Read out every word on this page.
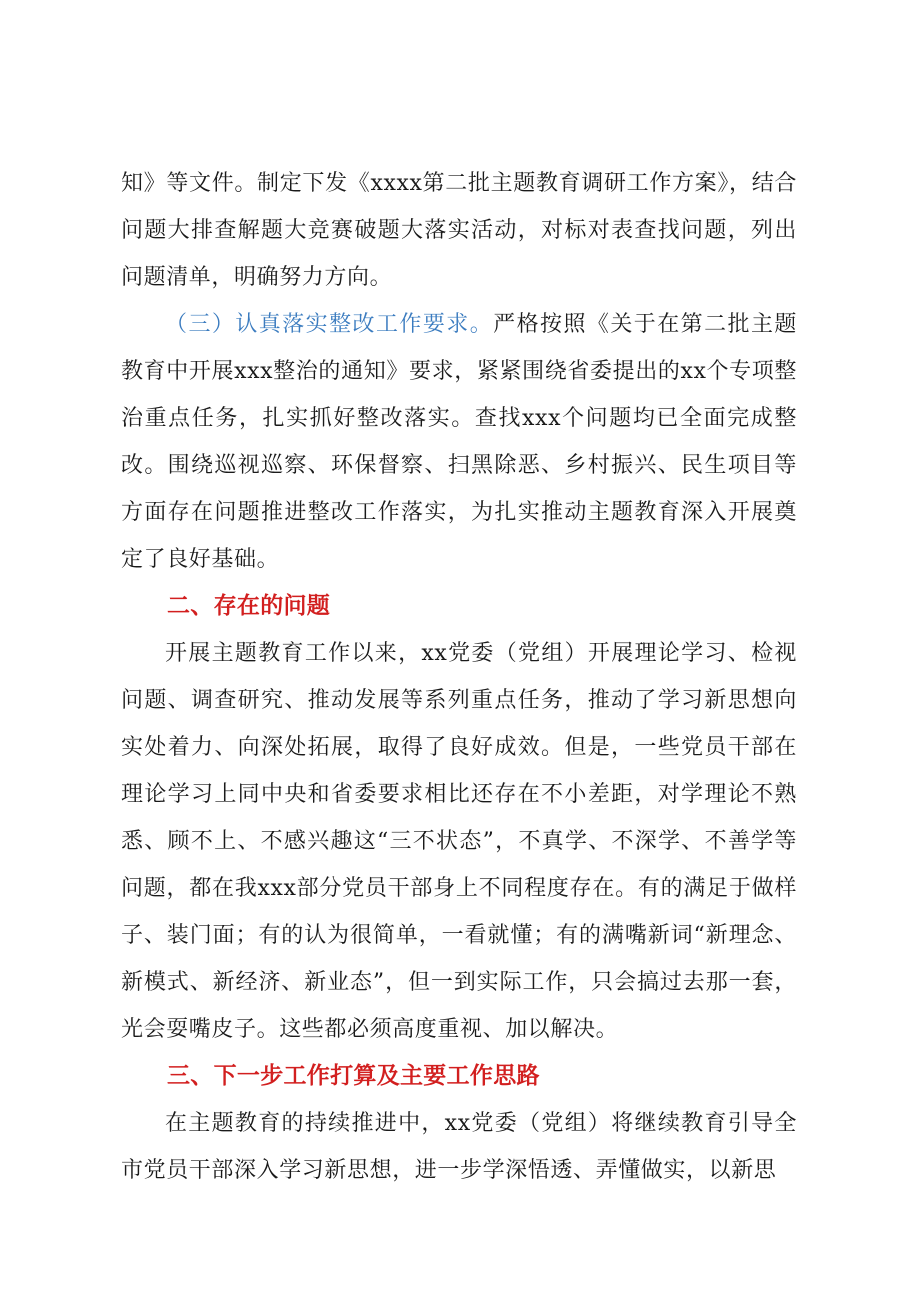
知》等文件。制定下发《xxxx第二批主题教育调研工作方案》，结合问题大排查解题大竞赛破题大落实活动，对标对表查找问题，列出问题清单，明确努力方向。

（三）认真落实整改工作要求。严格按照《关于在第二批主题教育中开展xxx整治的通知》要求，紧紧围绕省委提出的xx个专项整治重点任务，扎实抓好整改落实。查找xxx个问题均已全面完成整改。围绕巡视巡察、环保督察、扫黑除恶、乡村振兴、民生项目等方面存在问题推进整改工作落实，为扎实推动主题教育深入开展奠定了良好基础。

二、存在的问题

开展主题教育工作以来，xx党委（党组）开展理论学习、检视问题、调查研究、推动发展等系列重点任务，推动了学习新思想向实处着力、向深处拓展，取得了良好成效。但是，一些党员干部在理论学习上同中央和省委要求相比还存在不小差距，对学理论不熟悉、顾不上、不感兴趣这“三不状态”，不真学、不深学、不善学等问题，都在我xxx部分党员干部身上不同程度存在。有的满足于做样子、装门面；有的认为很简单，一看就懂；有的满嘴新词“新理念、新模式、新经济、新业态”，但一到实际工作，只会搞过去那一套，光会耍嘴皮子。这些都必须高度重视、加以解决。

三、下一步工作打算及主要工作思路

在主题教育的持续推进中，xx党委（党组）将继续教育引导全市党员干部深入学习新思想，进一步学深悟透、弄懂做实，以新思
